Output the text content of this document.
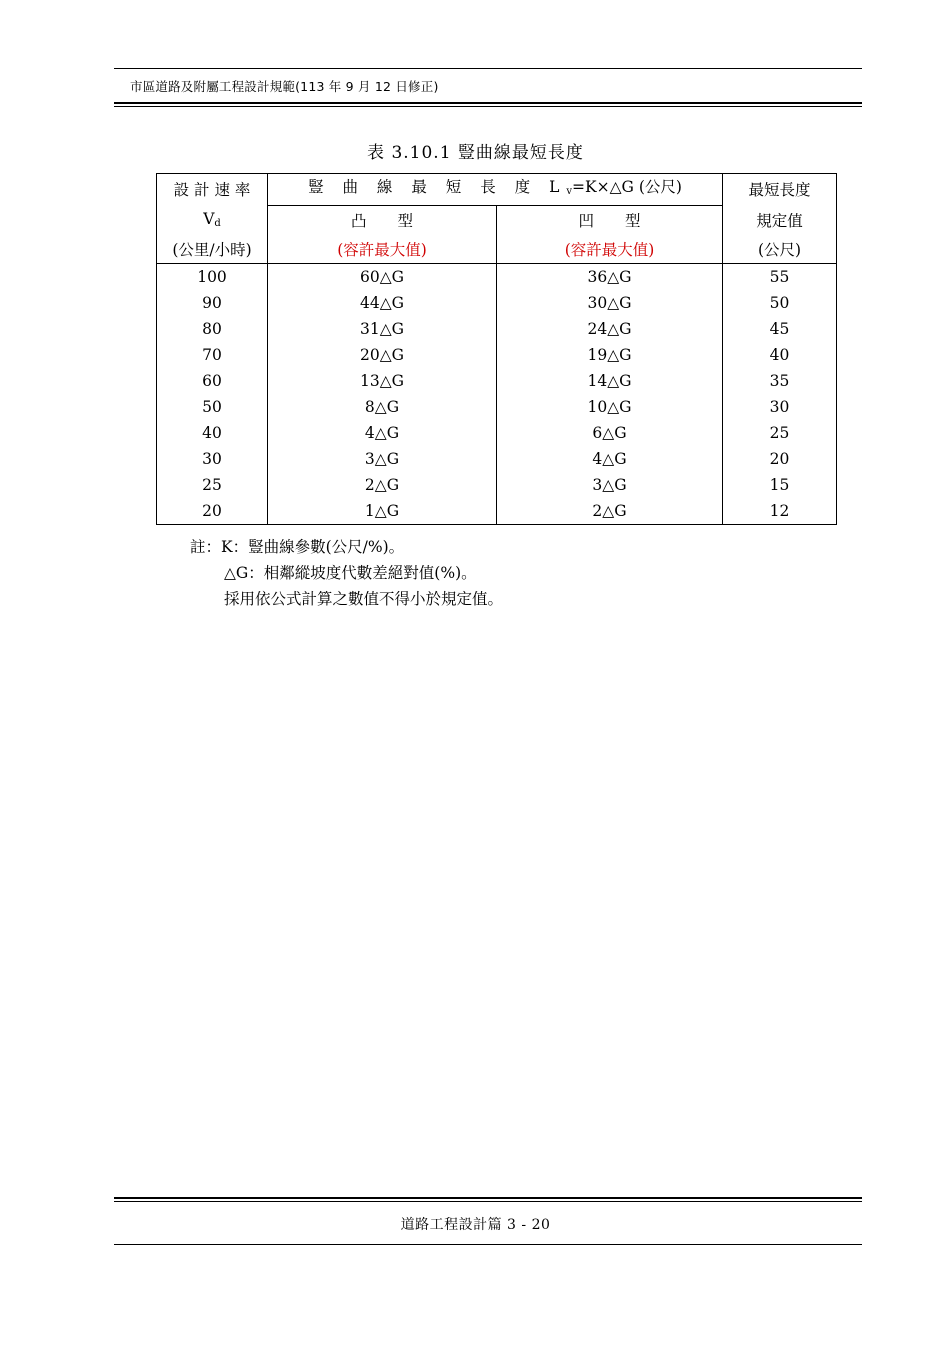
市區道路及附屬工程設計規範(113 年 9 月 12 日修正)
表 3.10.1 豎曲線最短長度
設 計 速 率	豎 曲 線 最 短 長 度 $L_v=K\times\triangle G$ (公尺)		最短長度
$V_d$	凸　　型	凹　　型	規定值
(公里/小時)	(容許最大值)	(容許最大值)	(公尺)
100	60△G	36△G	55
90	44△G	30△G	50
80	31△G	24△G	45
70	20△G	19△G	40
60	13△G	14△G	35
50	8△G	10△G	30
40	4△G	6△G	25
30	3△G	4△G	20
25	2△G	3△G	15
20	1△G	2△G	12
註：K：豎曲線參數(公尺/%)。
△G：相鄰縱坡度代數差絕對值(%)。
採用依公式計算之數值不得小於規定值。
道路工程設計篇 3 - 20
